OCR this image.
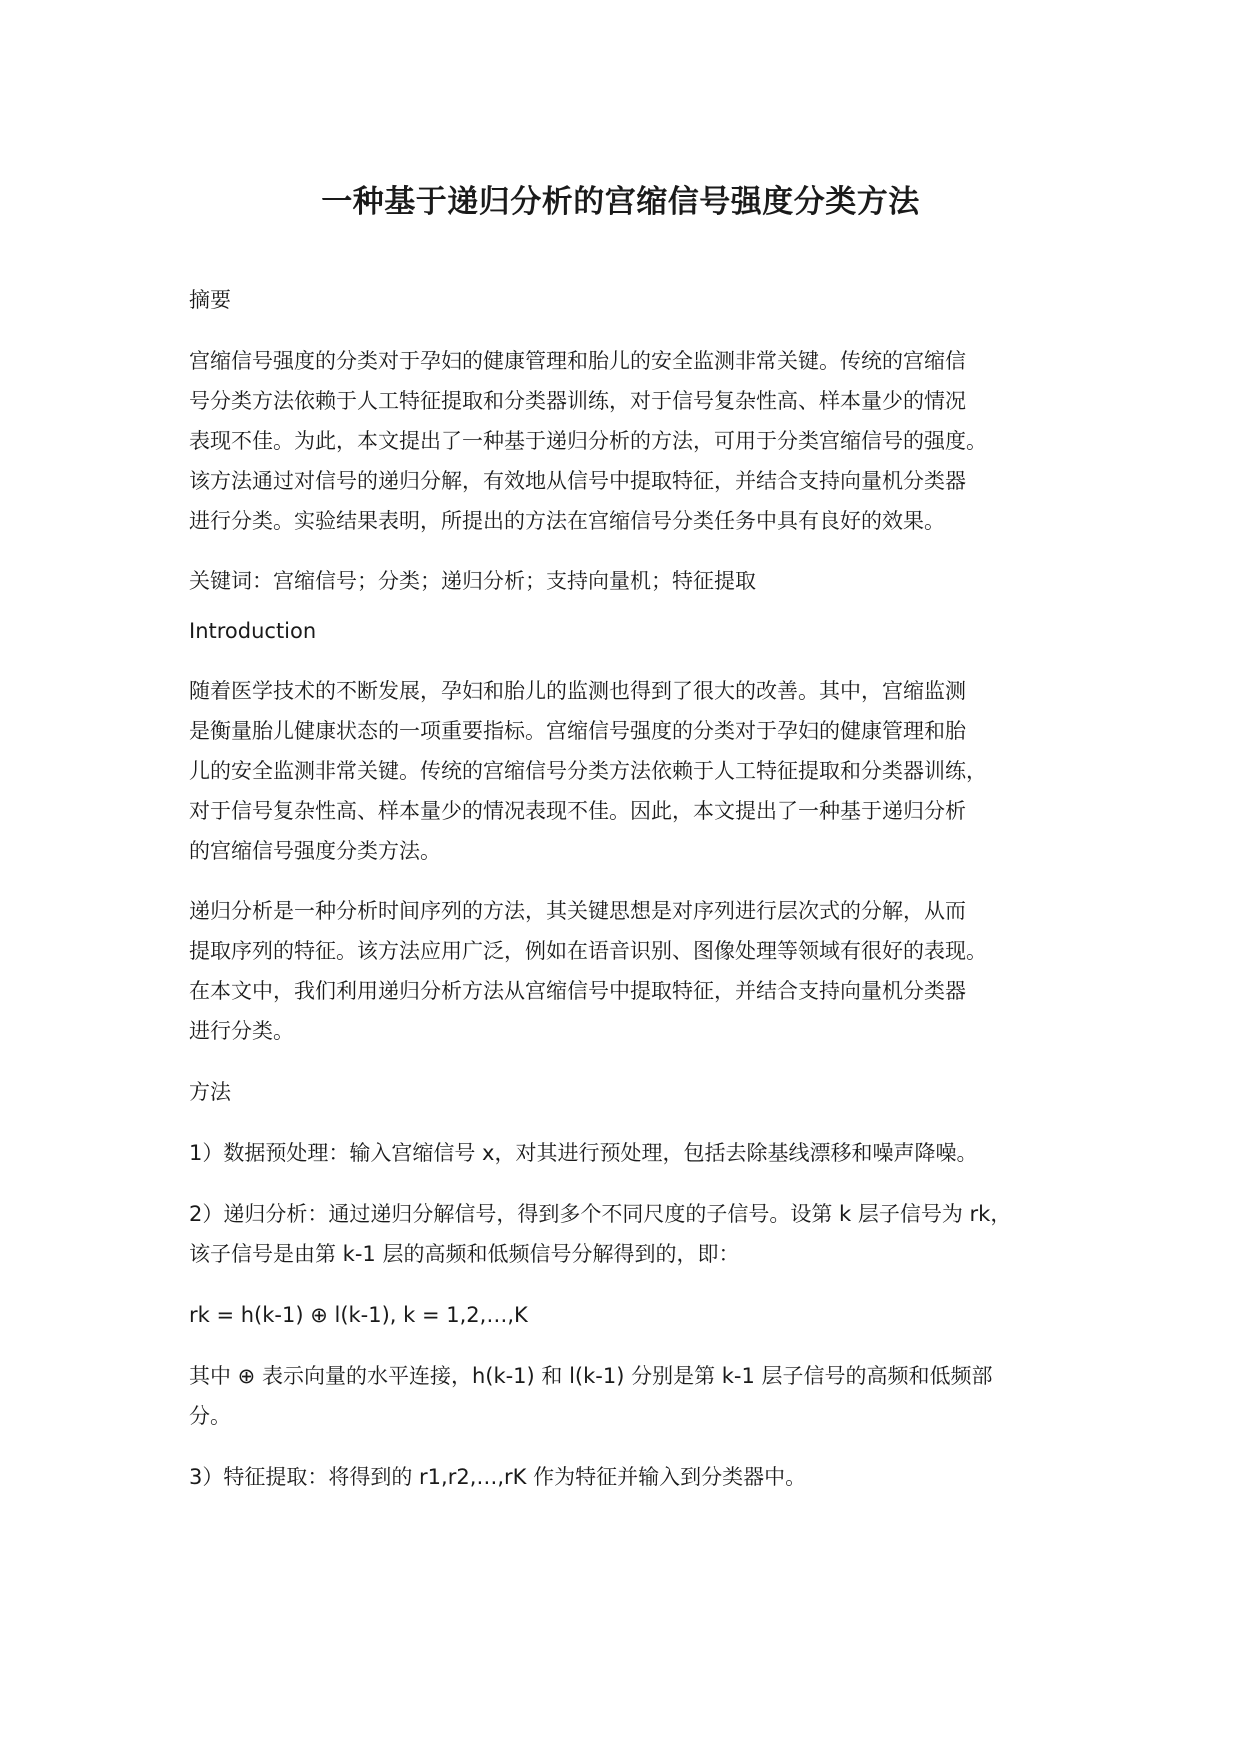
一种基于递归分析的宫缩信号强度分类方法

摘要

宫缩信号强度的分类对于孕妇的健康管理和胎儿的安全监测非常关键。传统的宫缩信
号分类方法依赖于人工特征提取和分类器训练，对于信号复杂性高、样本量少的情况
表现不佳。为此，本文提出了一种基于递归分析的方法，可用于分类宫缩信号的强度。
该方法通过对信号的递归分解，有效地从信号中提取特征，并结合支持向量机分类器
进行分类。实验结果表明，所提出的方法在宫缩信号分类任务中具有良好的效果。

关键词：宫缩信号；分类；递归分析；支持向量机；特征提取

Introduction

随着医学技术的不断发展，孕妇和胎儿的监测也得到了很大的改善。其中，宫缩监测
是衡量胎儿健康状态的一项重要指标。宫缩信号强度的分类对于孕妇的健康管理和胎
儿的安全监测非常关键。传统的宫缩信号分类方法依赖于人工特征提取和分类器训练，
对于信号复杂性高、样本量少的情况表现不佳。因此，本文提出了一种基于递归分析
的宫缩信号强度分类方法。

递归分析是一种分析时间序列的方法，其关键思想是对序列进行层次式的分解，从而
提取序列的特征。该方法应用广泛，例如在语音识别、图像处理等领域有很好的表现。
在本文中，我们利用递归分析方法从宫缩信号中提取特征，并结合支持向量机分类器
进行分类。

方法

1）数据预处理：输入宫缩信号 x，对其进行预处理，包括去除基线漂移和噪声降噪。

2）递归分析：通过递归分解信号，得到多个不同尺度的子信号。设第 k 层子信号为 rk，
该子信号是由第 k-1 层的高频和低频信号分解得到的，即：

rk = h(k-1) ⊕ l(k-1), k = 1,2,…,K

其中 ⊕ 表示向量的水平连接，h(k-1) 和 l(k-1) 分别是第 k-1 层子信号的高频和低频部
分。

3）特征提取：将得到的 r1,r2,…,rK 作为特征并输入到分类器中。
